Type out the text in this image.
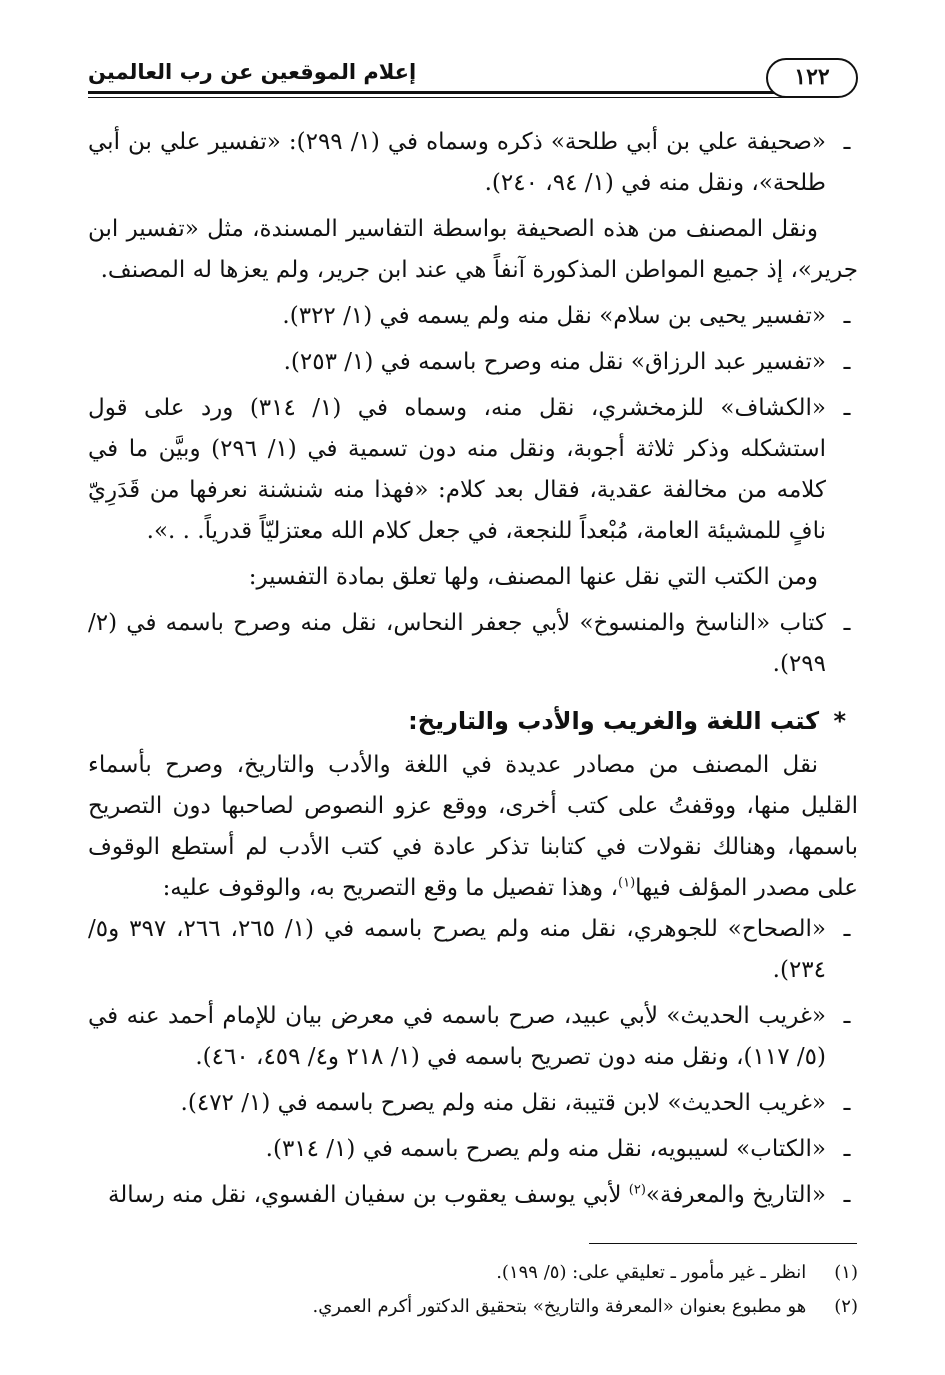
إعلام الموقعين عن رب العالمين	١٢٢

ـ
«صحيفة علي بن أبي طلحة» ذكره وسماه في (١/ ٢٩٩): «تفسير علي بن أبي طلحة»، ونقل منه في (١/ ٩٤، ٢٤٠).

ونقل المصنف من هذه الصحيفة بواسطة التفاسير المسندة، مثل «تفسير ابن جرير»، إذ جميع المواطن المذكورة آنفاً هي عند ابن جرير، ولم يعزها له المصنف.

ـ
«تفسير يحيى بن سلام» نقل منه ولم يسمه في (١/ ٣٢٢).

ـ
«تفسير عبد الرزاق» نقل منه وصرح باسمه في (١/ ٢٥٣).

ـ
«الكشاف» للزمخشري، نقل منه، وسماه في (١/ ٣١٤) ورد على قول استشكله وذكر ثلاثة أجوبة، ونقل منه دون تسمية في (١/ ٢٩٦) وبيَّن ما في كلامه من مخالفة عقدية، فقال بعد كلام: «فهذا منه شنشنة نعرفها من قَدَرِيّ نافٍ للمشيئة العامة، مُبْعداً للنجعة، في جعل كلام الله معتزليّاً قدرياً. . .».

ومن الكتب التي نقل عنها المصنف، ولها تعلق بمادة التفسير:

ـ
كتاب «الناسخ والمنسوخ» لأبي جعفر النحاس، نقل منه وصرح باسمه في (٢/ ٢٩٩).

* كتب اللغة والغريب والأدب والتاريخ:

نقل المصنف من مصادر عديدة في اللغة والأدب والتاريخ، وصرح بأسماء القليل منها، ووقفتُ على كتب أخرى، ووقع عزو النصوص لصاحبها دون التصريح باسمها، وهنالك نقولات في كتابنا تذكر عادة في كتب الأدب لم أستطع الوقوف على مصدر المؤلف فيها$^{(١)}$، وهذا تفصيل ما وقع التصريح به، والوقوف عليه:

ـ
«الصحاح» للجوهري، نقل منه ولم يصرح باسمه في (١/ ٢٦٥، ٢٦٦، ٣٩٧ و٥/ ٢٣٤).

ـ
«غريب الحديث» لأبي عبيد، صرح باسمه في معرض بيان للإمام أحمد عنه في (٥/ ١١٧)، ونقل منه دون تصريح باسمه في (١/ ٢١٨ و٤/ ٤٥٩، ٤٦٠).

ـ
«غريب الحديث» لابن قتيبة، نقل منه ولم يصرح باسمه في (١/ ٤٧٢).

ـ
«الكتاب» لسيبويه، نقل منه ولم يصرح باسمه في (١/ ٣١٤).

ـ
«التاريخ والمعرفة»$^{(٢)}$ لأبي يوسف يعقوب بن سفيان الفسوي، نقل منه رسالة

(١) انظر ـ غير مأمور ـ تعليقي على: (٥/ ١٩٩).

(٢) هو مطبوع بعنوان «المعرفة والتاريخ» بتحقيق الدكتور أكرم العمري.
